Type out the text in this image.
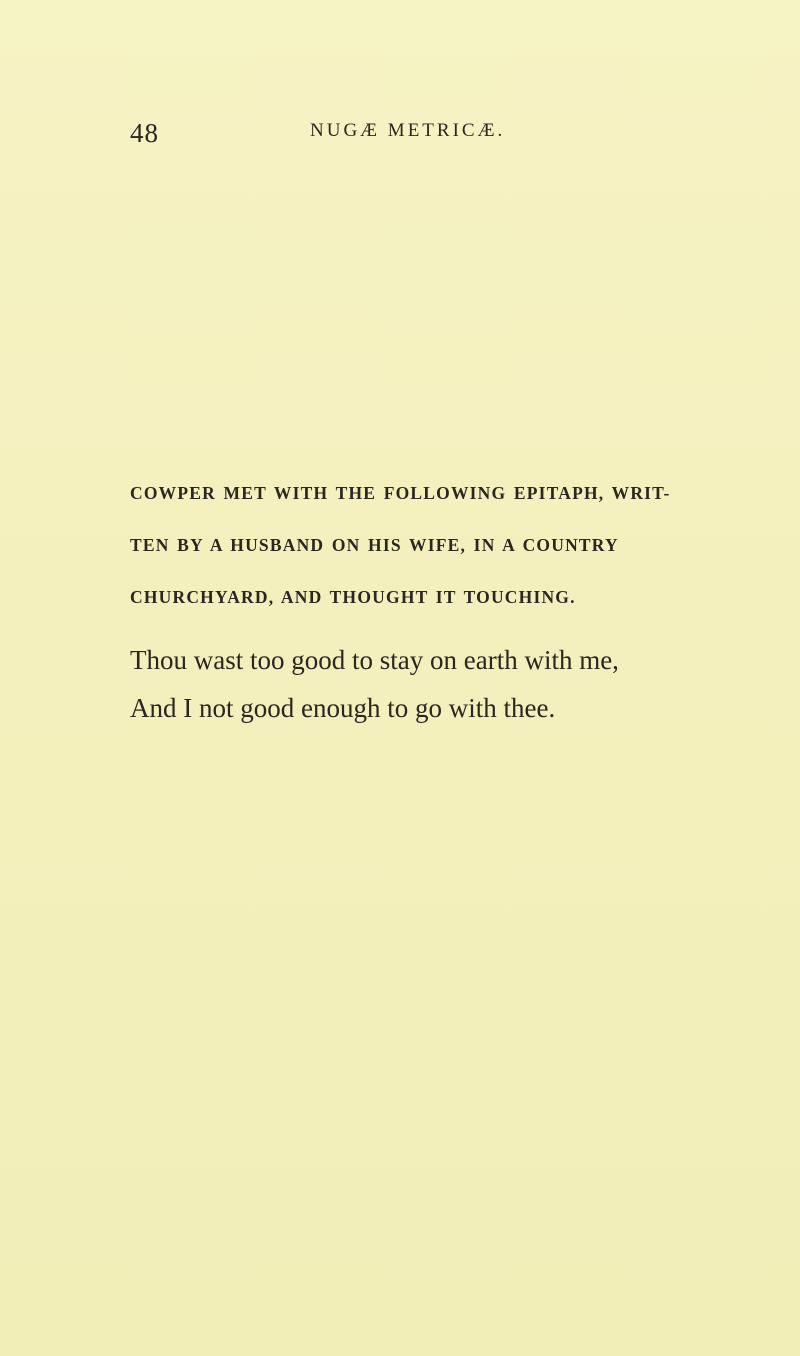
48	NUGÆ METRICÆ.
COWPER MET WITH THE FOLLOWING EPITAPH, WRIT-
TEN BY A HUSBAND ON HIS WIFE, IN A COUNTRY
CHURCHYARD, AND THOUGHT IT TOUCHING.
Thou wast too good to stay on earth with me,
And I not good enough to go with thee.
